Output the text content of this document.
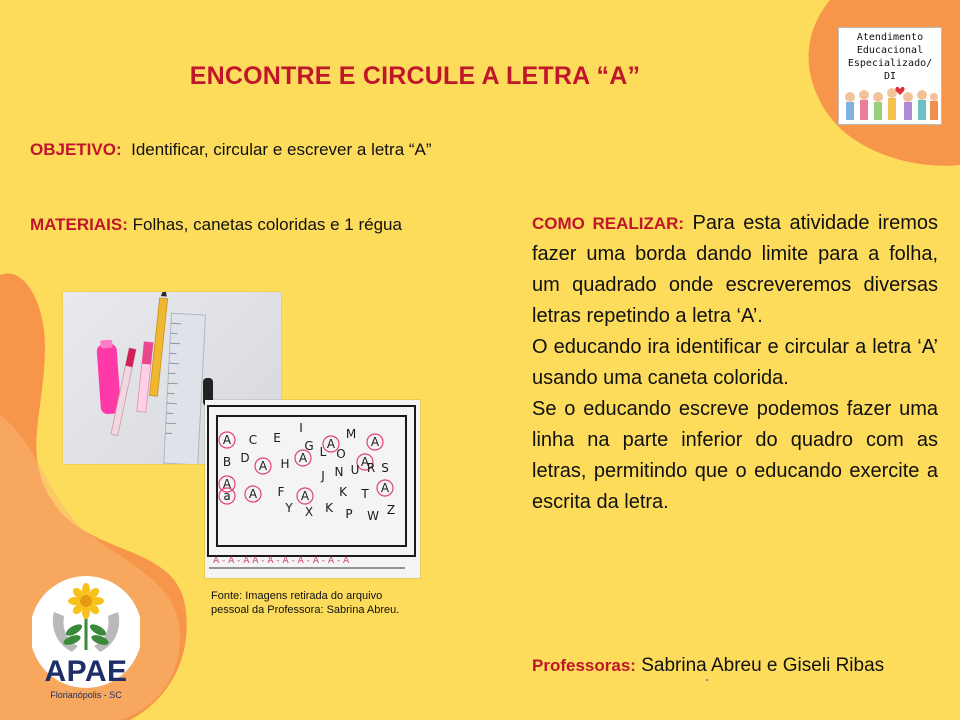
ENCONTRE E CIRCULE A LETRA “A”
OBJETIVO: Identificar, circular e escrever a letra “A”
MATERIAIS: Folhas, canetas coloridas e 1 régua	COMO REALIZAR: Para esta atividade iremos fazer uma borda dando limite para a folha, um quadrado onde escreveremos diversas letras repetindo a letra ‘A’.

O educando ira identificar e circular a letra ‘A’ usando uma caneta colorida.

Se o educando escreve podemos fazer uma linha na parte inferior do quadro com as letras, permitindo que o educando exercite a escrita da letra.

Professoras: Sabrina Abreu e Giseli Ribas
A C E
I
G A
M
A
B D
A H A L O
A
J N U R S
A
a A F A K T A
Y X K P W Z
A - A - A A - A - A - A - A - A - A
Fonte: Imagens retirada do arquivo pessoal da Professora: Sabrina Abreu.
Atendimento
Educacional
Especializado/ DI
APAE
Florianópolis - SC
